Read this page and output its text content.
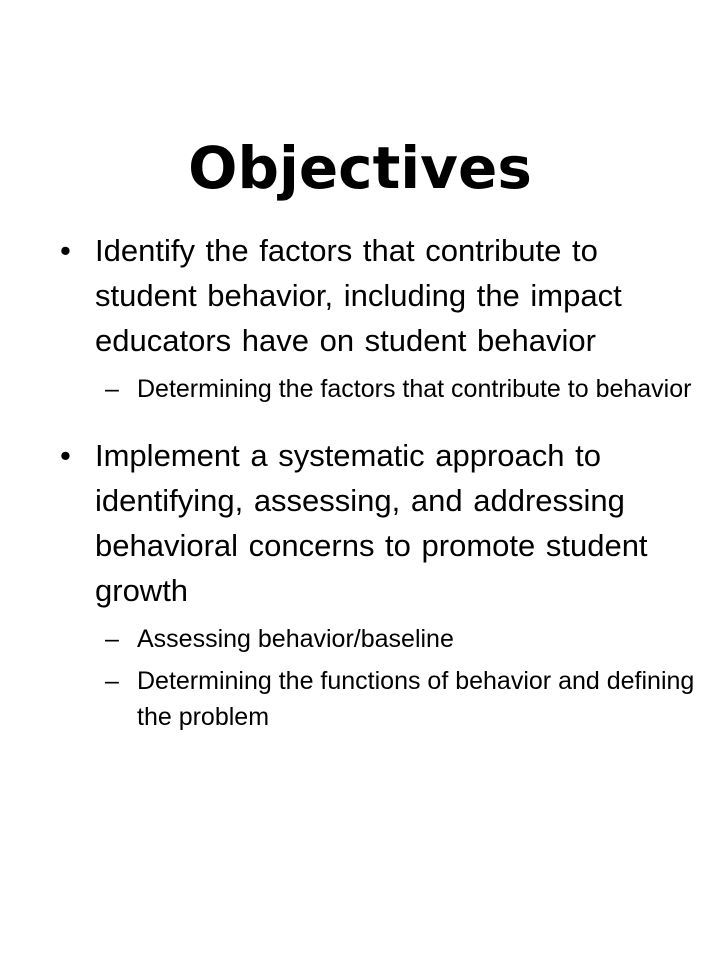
Objectives
• Identify the factors that contribute to student behavior, including the impact educators have on student behavior
– Determining the factors that contribute to behavior
• Implement a systematic approach to identifying, assessing, and addressing behavioral concerns to promote student growth
– Assessing behavior/baseline
– Determining the functions of behavior and defining the problem
